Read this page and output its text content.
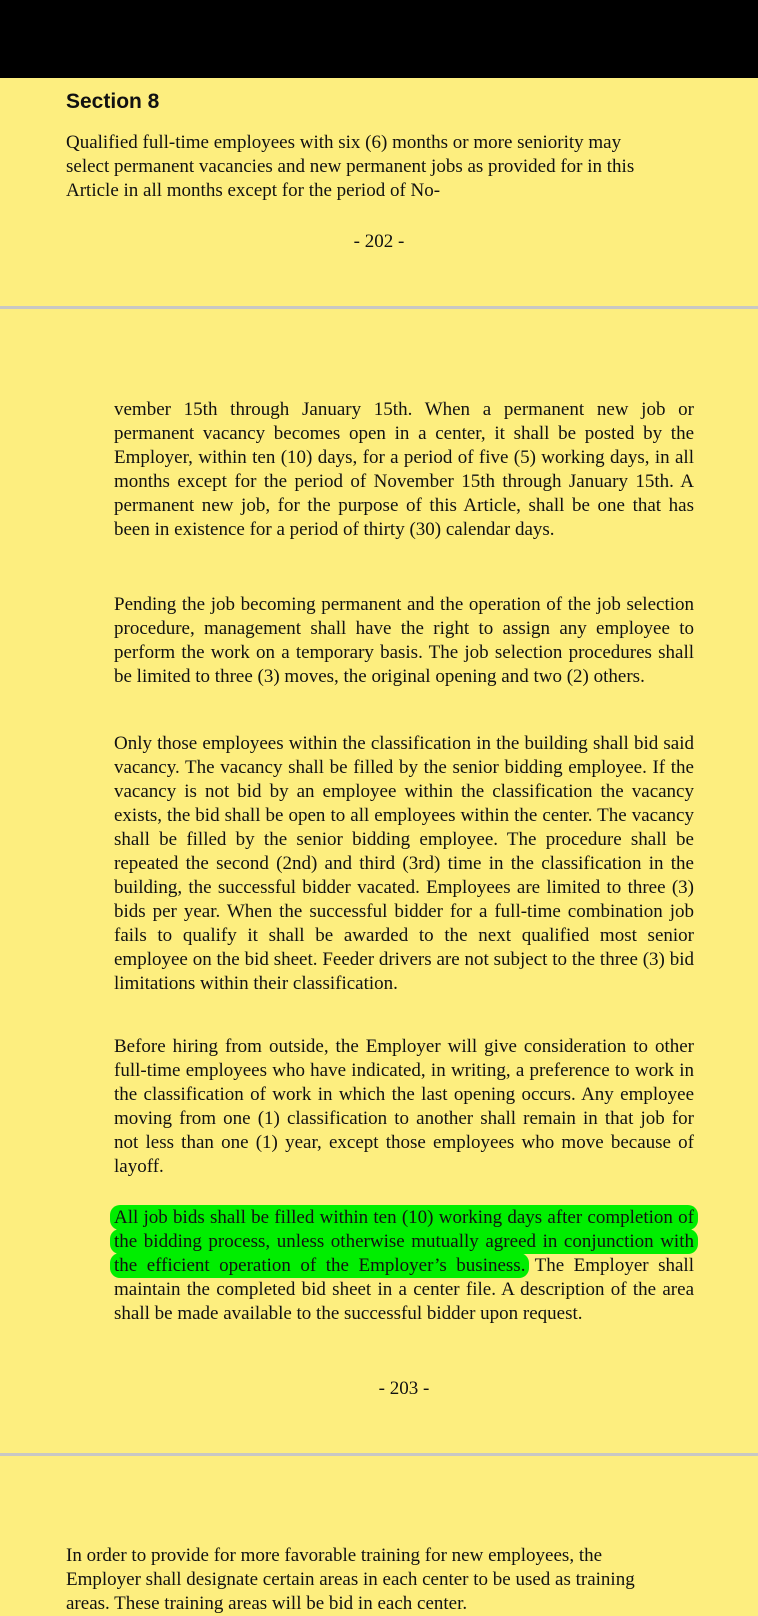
Section 8
Qualified full-time employees with six (6) months or more seniority may select permanent vacancies and new permanent jobs as provided for in this Article in all months except for the period of No-
- 202 -
vember 15th through January 15th. When a permanent new job or permanent vacancy becomes open in a center, it shall be posted by the Employer, within ten (10) days, for a period of five (5) working days, in all months except for the period of November 15th through January 15th. A permanent new job, for the purpose of this Article, shall be one that has been in existence for a period of thirty (30) calendar days.
Pending the job becoming permanent and the operation of the job selection procedure, management shall have the right to assign any employee to perform the work on a temporary basis. The job selection procedures shall be limited to three (3) moves, the original opening and two (2) others.
Only those employees within the classification in the building shall bid said vacancy. The vacancy shall be filled by the senior bidding employee. If the vacancy is not bid by an employee within the classification the vacancy exists, the bid shall be open to all employees within the center. The vacancy shall be filled by the senior bidding employee. The procedure shall be repeated the second (2nd) and third (3rd) time in the classification in the building, the successful bidder vacated. Employees are limited to three (3) bids per year. When the successful bidder for a full-time combination job fails to qualify it shall be awarded to the next qualified most senior employee on the bid sheet. Feeder drivers are not subject to the three (3) bid limitations within their classification.
Before hiring from outside, the Employer will give consideration to other full-time employees who have indicated, in writing, a preference to work in the classification of work in which the last opening occurs. Any employee moving from one (1) classification to another shall remain in that job for not less than one (1) year, except those employees who move because of layoff.
All job bids shall be filled within ten (10) working days after completion of the bidding process, unless otherwise mutually agreed in conjunction with the efficient operation of the Employer’s business. The Employer shall maintain the completed bid sheet in a center file. A description of the area shall be made available to the successful bidder upon request.
- 203 -
In order to provide for more favorable training for new employees, the Employer shall designate certain areas in each center to be used as training areas. These training areas will be bid in each center.
